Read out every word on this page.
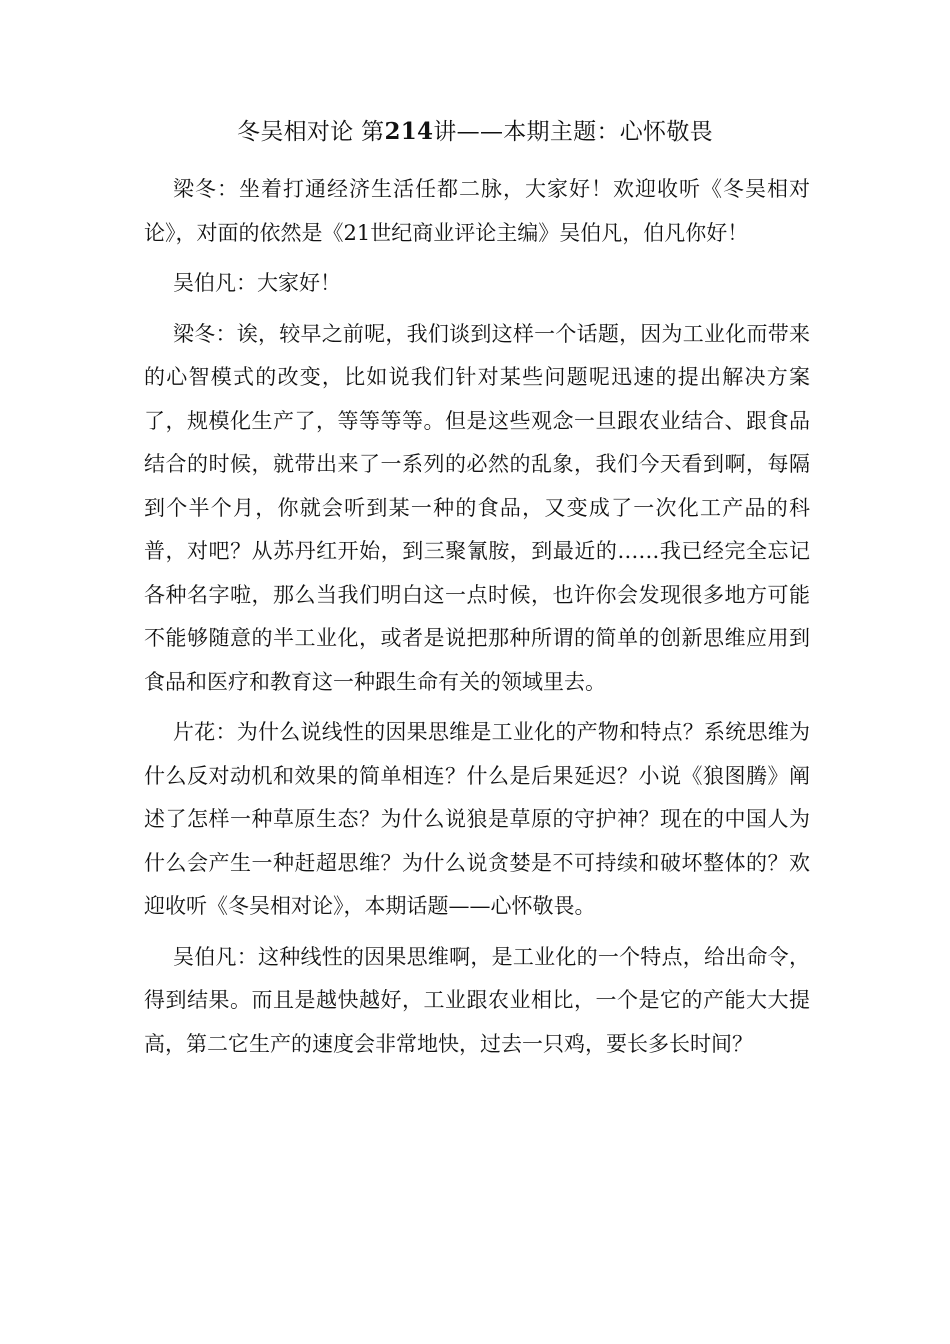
冬吴相对论 第214讲——本期主题：心怀敬畏

梁冬：坐着打通经济生活任都二脉，大家好！欢迎收听《冬吴相对论》，对面的依然是《21世纪商业评论主编》吴伯凡，伯凡你好！

吴伯凡：大家好！

梁冬：诶，较早之前呢，我们谈到这样一个话题，因为工业化而带来的心智模式的改变，比如说我们针对某些问题呢迅速的提出解决方案了，规模化生产了，等等等等。但是这些观念一旦跟农业结合、跟食品结合的时候，就带出来了一系列的必然的乱象，我们今天看到啊，每隔到个半个月，你就会听到某一种的食品，又变成了一次化工产品的科普，对吧？从苏丹红开始，到三聚氰胺，到最近的……我已经完全忘记各种名字啦，那么当我们明白这一点时候，也许你会发现很多地方可能不能够随意的半工业化，或者是说把那种所谓的简单的创新思维应用到食品和医疗和教育这一种跟生命有关的领域里去。

片花：为什么说线性的因果思维是工业化的产物和特点？系统思维为什么反对动机和效果的简单相连？什么是后果延迟？小说《狼图腾》阐述了怎样一种草原生态？为什么说狼是草原的守护神？现在的中国人为什么会产生一种赶超思维？为什么说贪婪是不可持续和破坏整体的？欢迎收听《冬吴相对论》，本期话题——心怀敬畏。

吴伯凡：这种线性的因果思维啊，是工业化的一个特点，给出命令，得到结果。而且是越快越好，工业跟农业相比，一个是它的产能大大提高，第二它生产的速度会非常地快，过去一只鸡，要长多长时间？
